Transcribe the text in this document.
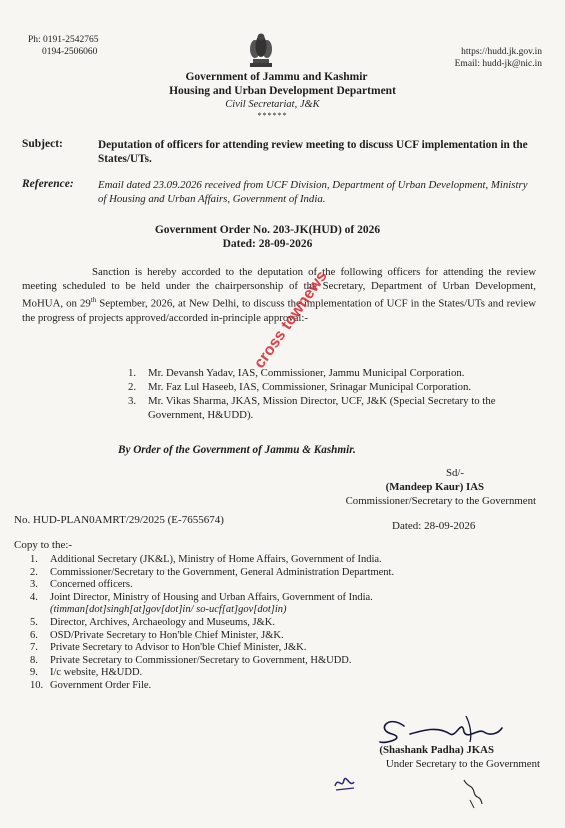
Ph: 0191-2542765
0194-2506060	https://hudd.jk.gov.in
Email: hudd-jk@nic.in
Government of Jammu and Kashmir
Housing and Urban Development Department
Civil Secretariat, J&K
******
Subject:	Deputation of officers for attending review meeting to discuss UCF implementation in the States/UTs.
Reference: Email dated 23.09.2026 received from UCF Division, Department of Urban Development, Ministry of Housing and Urban Affairs, Government of India.
Government Order No. 203-JK(HUD) of 2026
Dated: 28-09-2026
Sanction is hereby accorded to the deputation of the following officers for attending the review meeting scheduled to be held under the chairpersonship of the Secretary, Department of Urban Development, MoHUA, on 29th September, 2026, at New Delhi, to discuss the implementation of UCF in the States/UTs and review the progress of projects approved/accorded in-principle approval:-
1. Mr. Devansh Yadav, IAS, Commissioner, Jammu Municipal Corporation.
2. Mr. Faz Lul Haseeb, IAS, Commissioner, Srinagar Municipal Corporation.
3. Mr. Vikas Sharma, JKAS, Mission Director, UCF, J&K (Special Secretary to the Government, H&UDD).
By Order of the Government of Jammu & Kashmir.
Sd/-
(Mandeep Kaur) IAS
Commissioner/Secretary to the Government
No. HUD-PLAN0AMRT/29/2025 (E-7655674)	Dated: 28-09-2026
Copy to the:-
1. Additional Secretary (JK&L), Ministry of Home Affairs, Government of India.
2. Commissioner/Secretary to the Government, General Administration Department.
3. Concerned officers.
4. Joint Director, Ministry of Housing and Urban Affairs, Government of India.
(timman[dot]singh[at]gov[dot]in/ so-ucf[at]gov[dot]in)
5. Director, Archives, Archaeology and Museums, J&K.
6. OSD/Private Secretary to Hon'ble Chief Minister, J&K.
7. Private Secretary to Advisor to Hon'ble Chief Minister, J&K.
8. Private Secretary to Commissioner/Secretary to Government, H&UDD.
9. I/c website, H&UDD.
10. Government Order File.
(Shashank Padha) JKAS
Under Secretary to the Government
cross townews
